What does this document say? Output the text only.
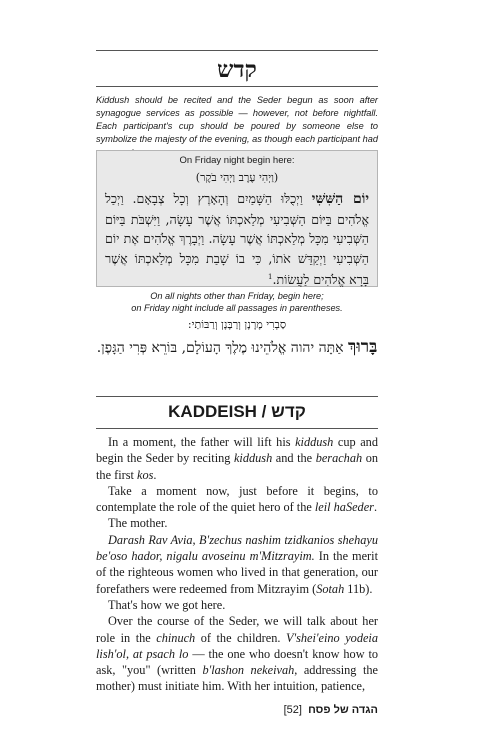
קדש
Kiddush should be recited and the Seder begun as soon after synagogue services as possible — however, not before nightfall. Each participant's cup should be poured by someone else to symbolize the majesty of the evening, as though each participant had
On Friday night begin here:
(וַיְהִי עֶרֶב וַיְהִי בֹקֶר)
יוֹם הַשִּׁשִּׁי וַיְכֻלּוּ הַשָּׁמַיִם וְהָאָרֶץ וְכָל צְבָאָם. וַיְכַל אֱלֹהִים בַּיּוֹם הַשְּׁבִיעִי מְלַאכְתּוֹ אֲשֶׁר עָשָׂה, וַיִּשְׁבֹּת בַּיּוֹם הַשְּׁבִיעִי מִכָּל מְלַאכְתּוֹ אֲשֶׁר עָשָׂה. וַיְבָרֶךְ אֱלֹהִים אֶת יוֹם הַשְּׁבִיעִי וַיְקַדֵּשׁ אֹתוֹ, כִּי בוֹ שָׁבַת מִכָּל מְלַאכְתּוֹ אֲשֶׁר בָּרָא אֱלֹהִים לַעֲשׂוֹת.$^1$
On all nights other than Friday, begin here;
on Friday night include all passages in parentheses.
סַבְרִי מָרָנָן וְרַבָּנָן וְרַבּוֹתַי:
בָּרוּךְ אַתָּה יהוה אֱלֹהֵינוּ מֶלֶךְ הָעוֹלָם, בּוֹרֵא פְּרִי הַגָּפֶן.
KADDEISH / קדש

In a moment, the father will lift his kiddush cup and begin the Seder by reciting kiddush and the berachah on the first kos.

Take a moment now, just before it begins, to contemplate the role of the quiet hero of the leil haSeder.

The mother.

Darash Rav Avia, B'zechus nashim tzidkanios shehayu be'oso hador, nigalu avoseinu m'Mitzrayim. In the merit of the righteous women who lived in that generation, our forefathers were redeemed from Mitzrayim (Sotah 11b).

That's how we got here.

Over the course of the Seder, we will talk about her role in the chinuch of the children. V'shei'eino yodeia lish'ol, at psach lo — the one who doesn't know how to ask, "you" (written b'lashon nekeivah, addressing the mother) must initiate him. With her intuition, patience,

הגדה של פסח  [52]
